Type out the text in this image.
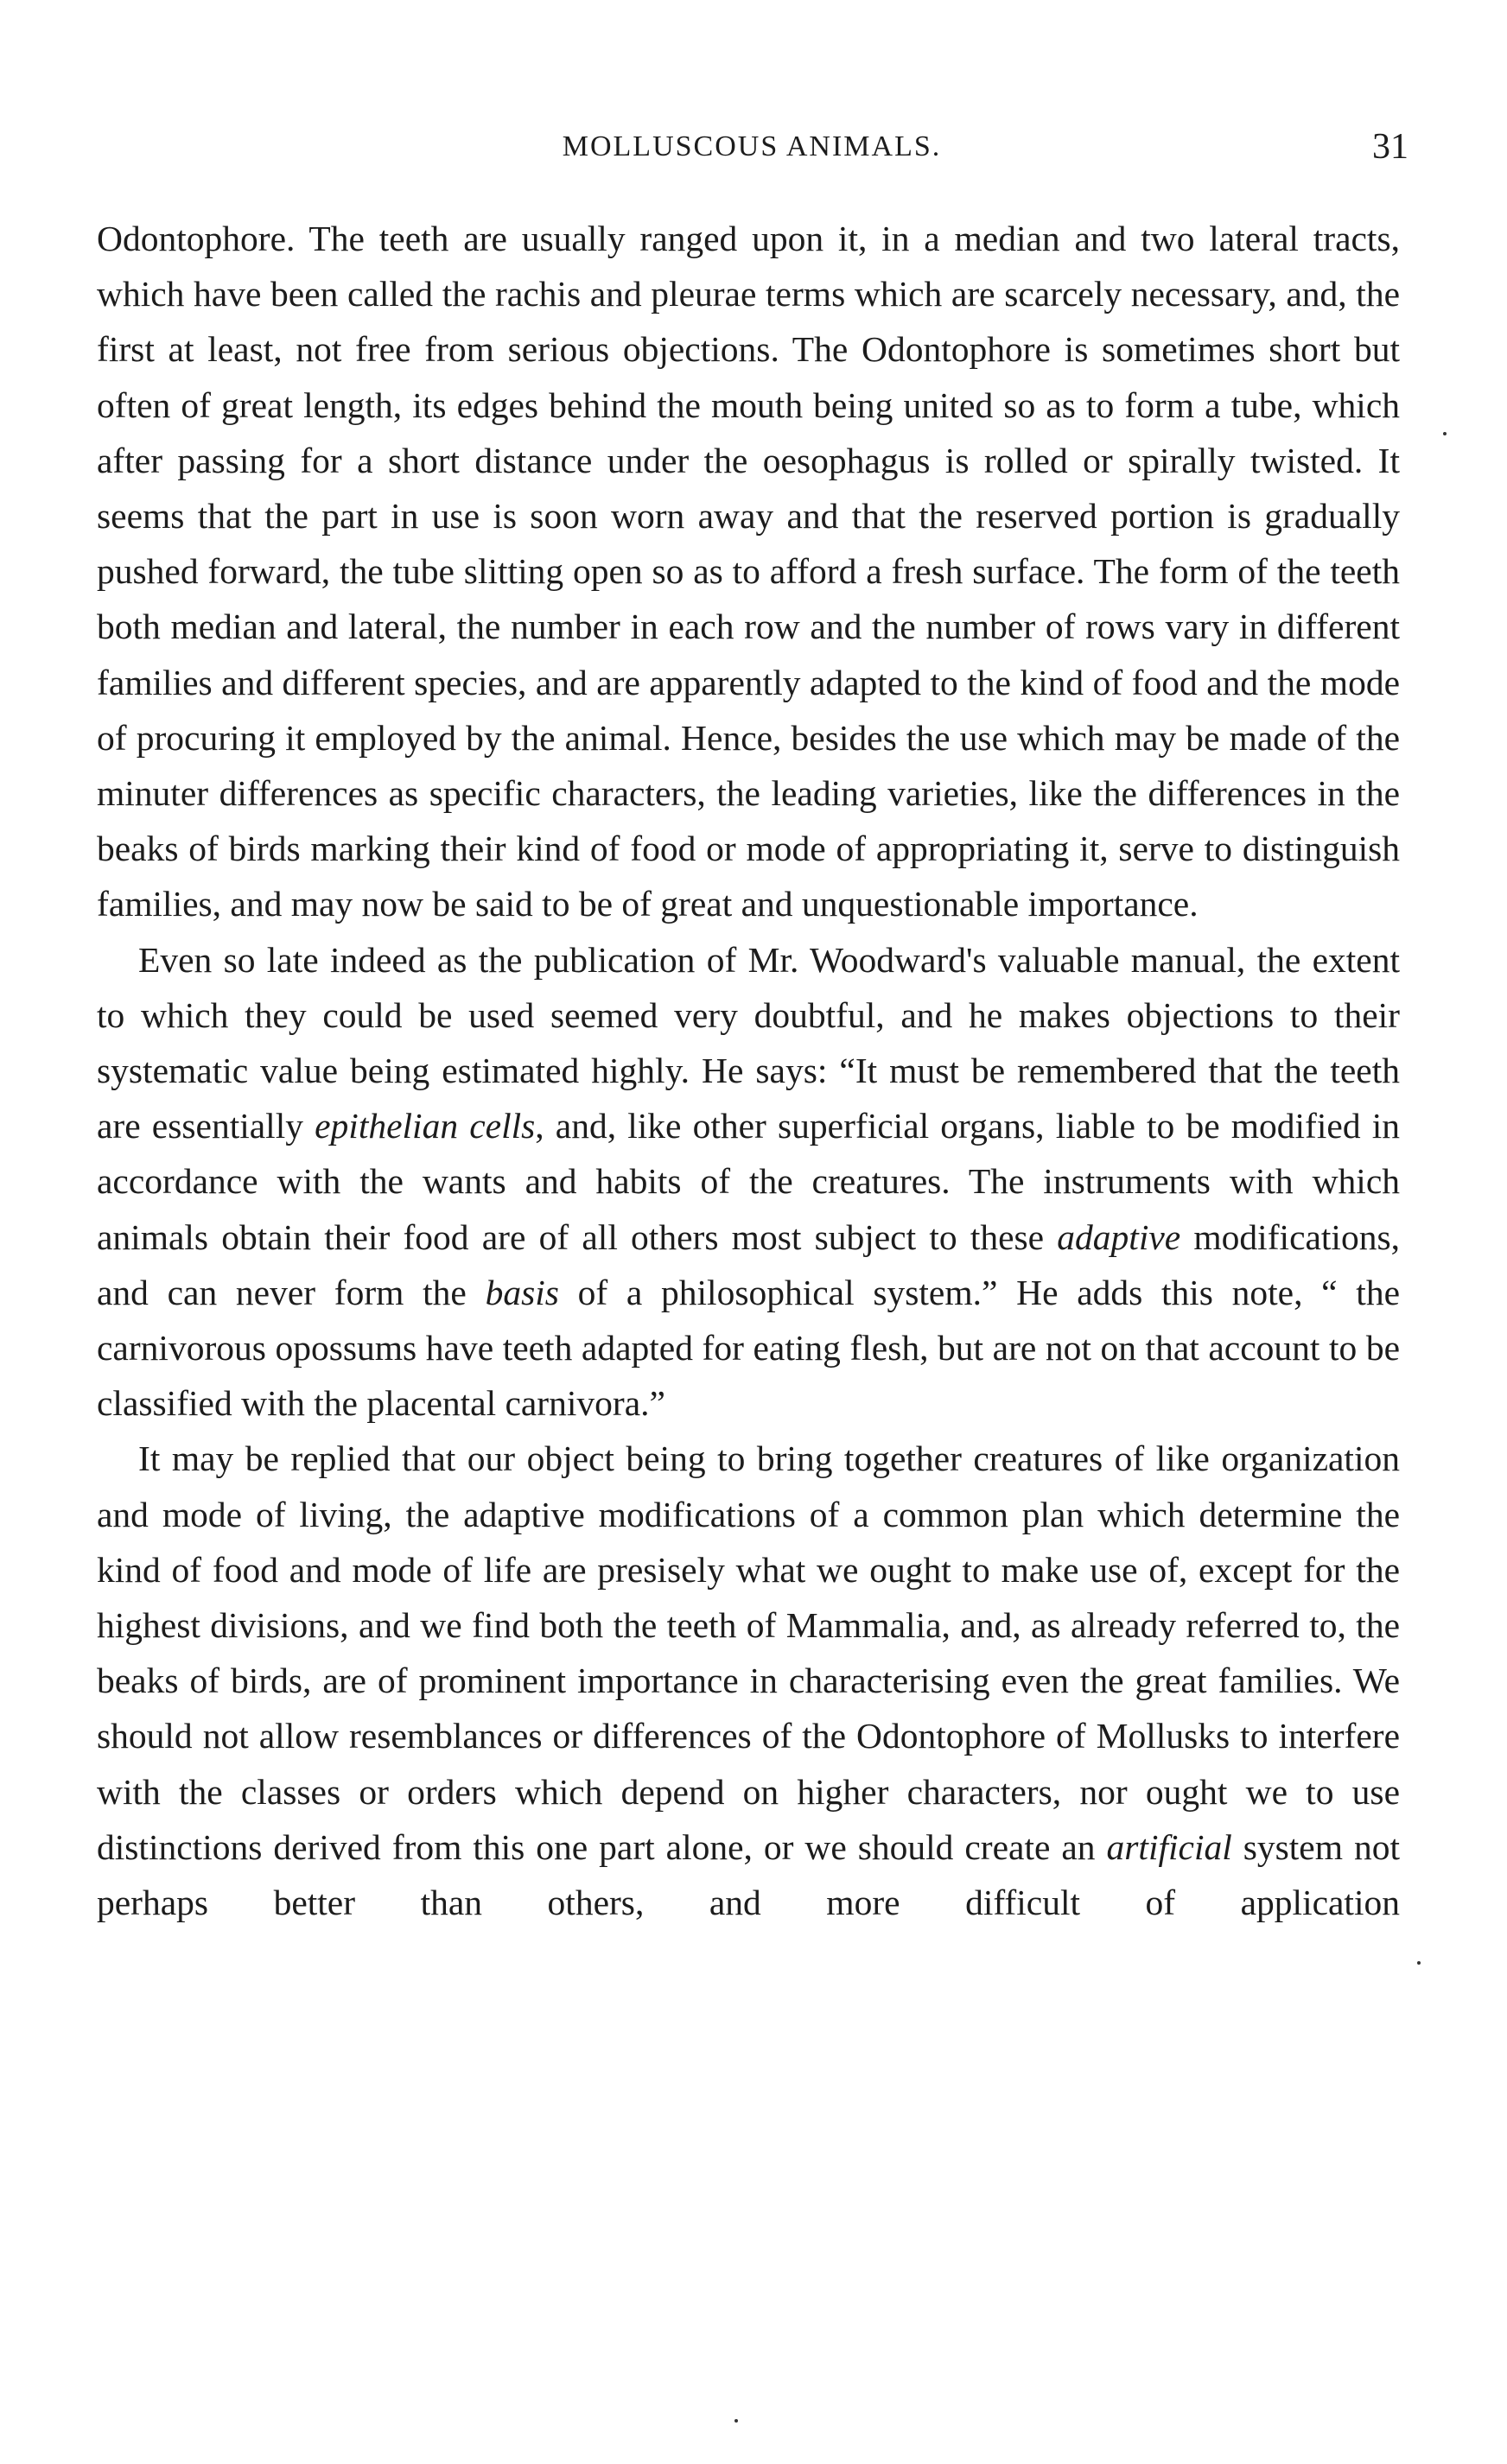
MOLLUSCOUS ANIMALS.	31

Odontophore. The teeth are usually ranged upon it, in a median and two lateral tracts, which have been called the rachis and pleurae terms which are scarcely necessary, and, the first at least, not free from serious objections. The Odontophore is sometimes short but often of great length, its edges behind the mouth being united so as to form a tube, which after passing for a short distance under the oesophagus is rolled or spirally twisted. It seems that the part in use is soon worn away and that the reserved portion is gradually pushed forward, the tube slitting open so as to afford a fresh surface. The form of the teeth both median and lateral, the number in each row and the number of rows vary in different families and different species, and are apparently adapted to the kind of food and the mode of procuring it employed by the animal. Hence, besides the use which may be made of the minuter differences as specific characters, the leading varieties, like the differences in the beaks of birds marking their kind of food or mode of appropriating it, serve to distinguish families, and may now be said to be of great and unquestionable importance.

Even so late indeed as the publication of Mr. Woodward's valuable manual, the extent to which they could be used seemed very doubtful, and he makes objections to their systematic value being estimated highly. He says: “It must be remembered that the teeth are essentially epithelian cells, and, like other superficial organs, liable to be modified in accordance with the wants and habits of the creatures. The instruments with which animals obtain their food are of all others most subject to these adaptive modifications, and can never form the basis of a philosophical system.” He adds this note, “ the carnivorous opossums have teeth adapted for eating flesh, but are not on that account to be classified with the placental carnivora.”

It may be replied that our object being to bring together creatures of like organization and mode of living, the adaptive modifications of a common plan which determine the kind of food and mode of life are presisely what we ought to make use of, except for the highest divisions, and we find both the teeth of Mammalia, and, as already referred to, the beaks of birds, are of prominent importance in characterising even the great families. We should not allow resemblances or differences of the Odontophore of Mollusks to interfere with the classes or orders which depend on higher characters, nor ought we to use distinctions derived from this one part alone, or we should create an artificial system not perhaps better than others, and more difficult of application
